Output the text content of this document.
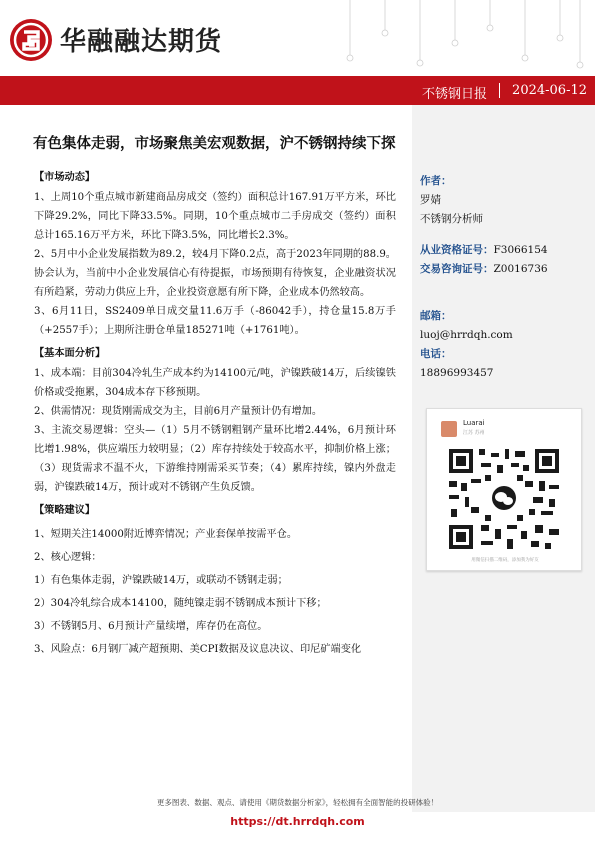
华融融达期货
不锈钢日报 2024-06-12
有色集体走弱，市场聚焦美宏观数据，沪不锈钢持续下探
【市场动态】
1、上周10个重点城市新建商品房成交（签约）面积总计167.91万平方米，环比下降29.2%，同比下降33.5%。同期，10个重点城市二手房成交（签约）面积总计165.16万平方米，环比下降3.5%，同比增长2.3%。
2、5月中小企业发展指数为89.2，较4月下降0.2点，高于2023年同期的88.9。协会认为，当前中小企业发展信心有待提振，市场预期有待恢复，企业融资状况有所趋紧，劳动力供应上升，企业投资意愿有所下降，企业成本仍然较高。
3、6月11日，SS2409单日成交量11.6万手（-86042手），持仓量15.8万手（+2557手）；上期所注册仓单量185271吨（+1761吨）。
【基本面分析】
1、成本端：目前304冷轧生产成本约为14100元/吨，沪镍跌破14万，后续镍铁价格或受拖累，304成本存下移预期。
2、供需情况：现货刚需成交为主，目前6月产量预计仍有增加。
3、主流交易逻辑：空头—（1）5月不锈钢粗钢产量环比增2.44%，6月预计环比增1.98%，供应端压力较明显；（2）库存持续处于较高水平，抑制价格上涨；（3）现货需求不温不火，下游维持刚需采买节奏；（4）累库持续，镍内外盘走弱，沪镍跌破14万，预计或对不锈钢产生负反馈。
【策略建议】
1、短期关注14000附近博弈情况；产业套保单按需平仓。
2、核心逻辑：
1）有色集体走弱，沪镍跌破14万，或联动不锈钢走弱；
2）304冷轧综合成本14100，随纯镍走弱不锈钢成本预计下移；
3）不锈钢5月、6月预计产量续增，库存仍在高位。
3、风险点：6月钢厂减产超预期、美CPI数据及议息决议、印尼矿端变化
作者：
罗婧
不锈钢分析师
从业资格证号：F3066154
交易咨询证号：Z0016736
邮箱：
luoj@hrrdqh.com
电话：
18896993457
Luarai
江苏 苏州
用微信扫描二维码，添加我为好友
更多图表、数据、观点、请使用《期货数据分析家》，轻松拥有全面智能的投研体验！
https://dt.hrrdqh.com
